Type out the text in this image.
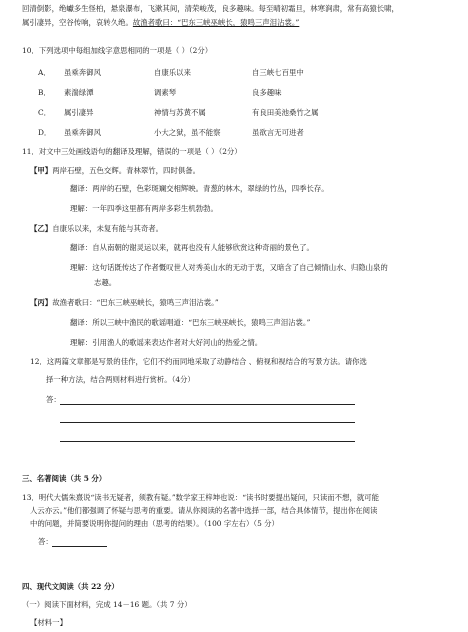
回清倒影，绝巘多生怪柏，悬泉瀑布，飞漱其间，清荣峻茂，良多趣味。每至晴初霜旦，林寒涧肃，常有高猿长啸，
属引凄异，空谷传响，哀转久绝。故渔者歌曰：“巴东三峡巫峡长，猿鸣三声泪沾裳。”
10．下列选项中每组加线字意思相同的一项是（ ）（2分）
A． 虽乘奔御风	自康乐以来	自三峡七百里中
B． 素湍绿潭	调素琴	良多趣味
C． 属引凄异	神情与苏黄不属	有良田美池桑竹之属
D． 虽乘奔御风	小大之狱，虽不能察	虽欲言无可进者
11．对文中三处画线语句的翻译及理解，错误的一项是（ ）（2分）
【甲】两岸石壁，五色交辉。青林翠竹，四时俱备。
翻译：两岸的石壁，色彩斑斓交相辉映。青葱的林木，翠绿的竹丛，四季长存。
理解：一年四季这里都有两岸多彩生机勃勃。
【乙】自康乐以来，未复有能与其奇者。
翻译：自从南朝的谢灵运以来，就再也没有人能够欣赏这种奇丽的景色了。
理解：这句话既传达了作者慨叹世人对秀美山水的无动于衷，又暗含了自己倾情山水、归隐山泉的
志趣。
【丙】故渔者歌曰：“巴东三峡巫峡长，猿鸣三声泪沾裳。”
翻译：所以三峡中渔民的歌谣唱道：“巴东三峡巫峡长，猿鸣三声泪沾裳。”
理解：引用渔人的歌谣来表达作者对大好河山的热爱之情。
12．这两篇文章都是写景的佳作，它们不约而同地采取了动静结合 、俯视和视结合的写景方法。请你选
择一种方法，结合两则材料进行赏析。（4分）
答：
三、名著阅读（共 5 分）
13．明代大儒朱熹说“读书无疑者，须教有疑。”数学家王梓坤也说：“读书时要提出疑问，只读而不想，就可能
人云亦云。”他们都强调了怀疑与思考的重要。请从你阅读的名著中选择一部，结合具体情节，提出你在阅读
中的问题，并简要说明你提问的理由（思考的结果）。（100 字左右）（5 分）
答：
四、现代文阅读（共 22 分）
（一）阅读下面材料，完成 14－16 题。（共 7 分）
【材料一】
